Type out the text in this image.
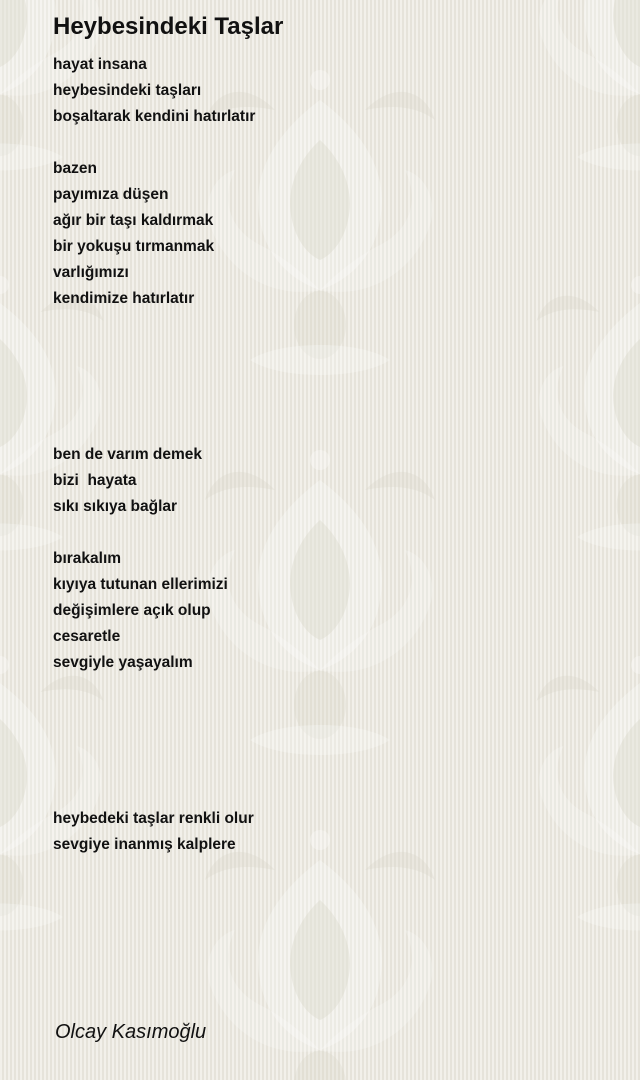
Heybesindeki Taşlar
hayat insana
heybesindeki taşları
boşaltarak kendini hatırlatır
bazen
payımıza düşen
ağır bir taşı kaldırmak
bir yokuşu tırmanmak
varlığımızı
kendimize hatırlatır
ben de varım demek
bizi  hayata
sıkı sıkıya bağlar
bırakalım
kıyıya tutunan ellerimizi
değişimlere açık olup
cesaretle
sevgiyle yaşayalım
heybedeki taşlar renkli olur
sevgiye inanmış kalplere
Olcay Kasımoğlu
